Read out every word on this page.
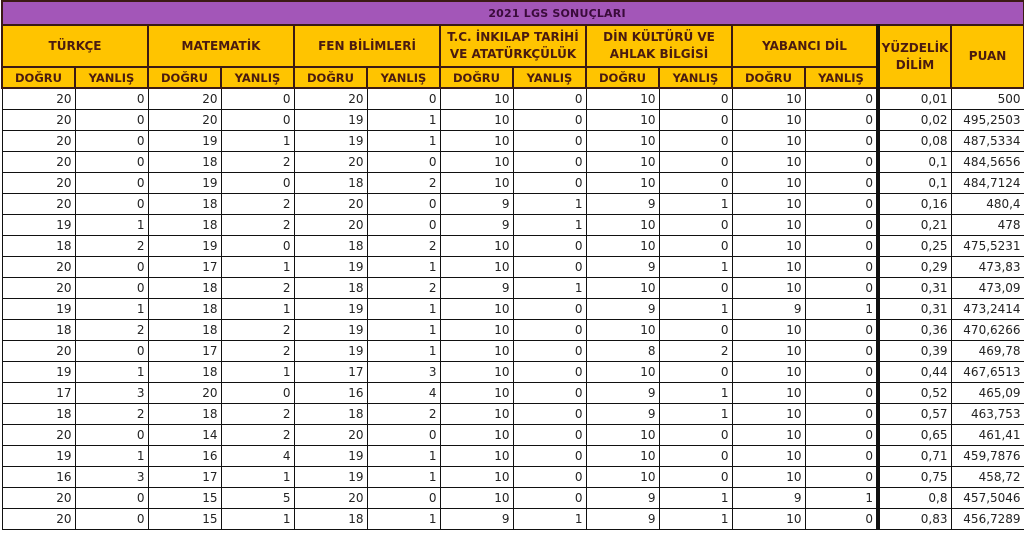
2021 LGS SONUÇLARI													
TÜRKÇE		MATEMATİK		FEN BİLİMLERİ		T.C. İNKILAP TARİHİ VE ATATÜRKÇÜLÜK		DİN KÜLTÜRÜ VE AHLAK BİLGİSİ		YABANCI DİL		YÜZDELİK DİLİM	PUAN
DOĞRU	YANLIŞ	DOĞRU	YANLIŞ	DOĞRU	YANLIŞ	DOĞRU	YANLIŞ	DOĞRU	YANLIŞ	DOĞRU	YANLIŞ		
20	0	20	0	20	0	10	0	10	0	10	0	0,01	500
20	0	20	0	19	1	10	0	10	0	10	0	0,02	495,2503
20	0	19	1	19	1	10	0	10	0	10	0	0,08	487,5334
20	0	18	2	20	0	10	0	10	0	10	0	0,1	484,5656
20	0	19	0	18	2	10	0	10	0	10	0	0,1	484,7124
20	0	18	2	20	0	9	1	9	1	10	0	0,16	480,4
19	1	18	2	20	0	9	1	10	0	10	0	0,21	478
18	2	19	0	18	2	10	0	10	0	10	0	0,25	475,5231
20	0	17	1	19	1	10	0	9	1	10	0	0,29	473,83
20	0	18	2	18	2	9	1	10	0	10	0	0,31	473,09
19	1	18	1	19	1	10	0	9	1	9	1	0,31	473,2414
18	2	18	2	19	1	10	0	10	0	10	0	0,36	470,6266
20	0	17	2	19	1	10	0	8	2	10	0	0,39	469,78
19	1	18	1	17	3	10	0	10	0	10	0	0,44	467,6513
17	3	20	0	16	4	10	0	9	1	10	0	0,52	465,09
18	2	18	2	18	2	10	0	9	1	10	0	0,57	463,753
20	0	14	2	20	0	10	0	10	0	10	0	0,65	461,41
19	1	16	4	19	1	10	0	10	0	10	0	0,71	459,7876
16	3	17	1	19	1	10	0	10	0	10	0	0,75	458,72
20	0	15	5	20	0	10	0	9	1	9	1	0,8	457,5046
20	0	15	1	18	1	9	1	9	1	10	0	0,83	456,7289
